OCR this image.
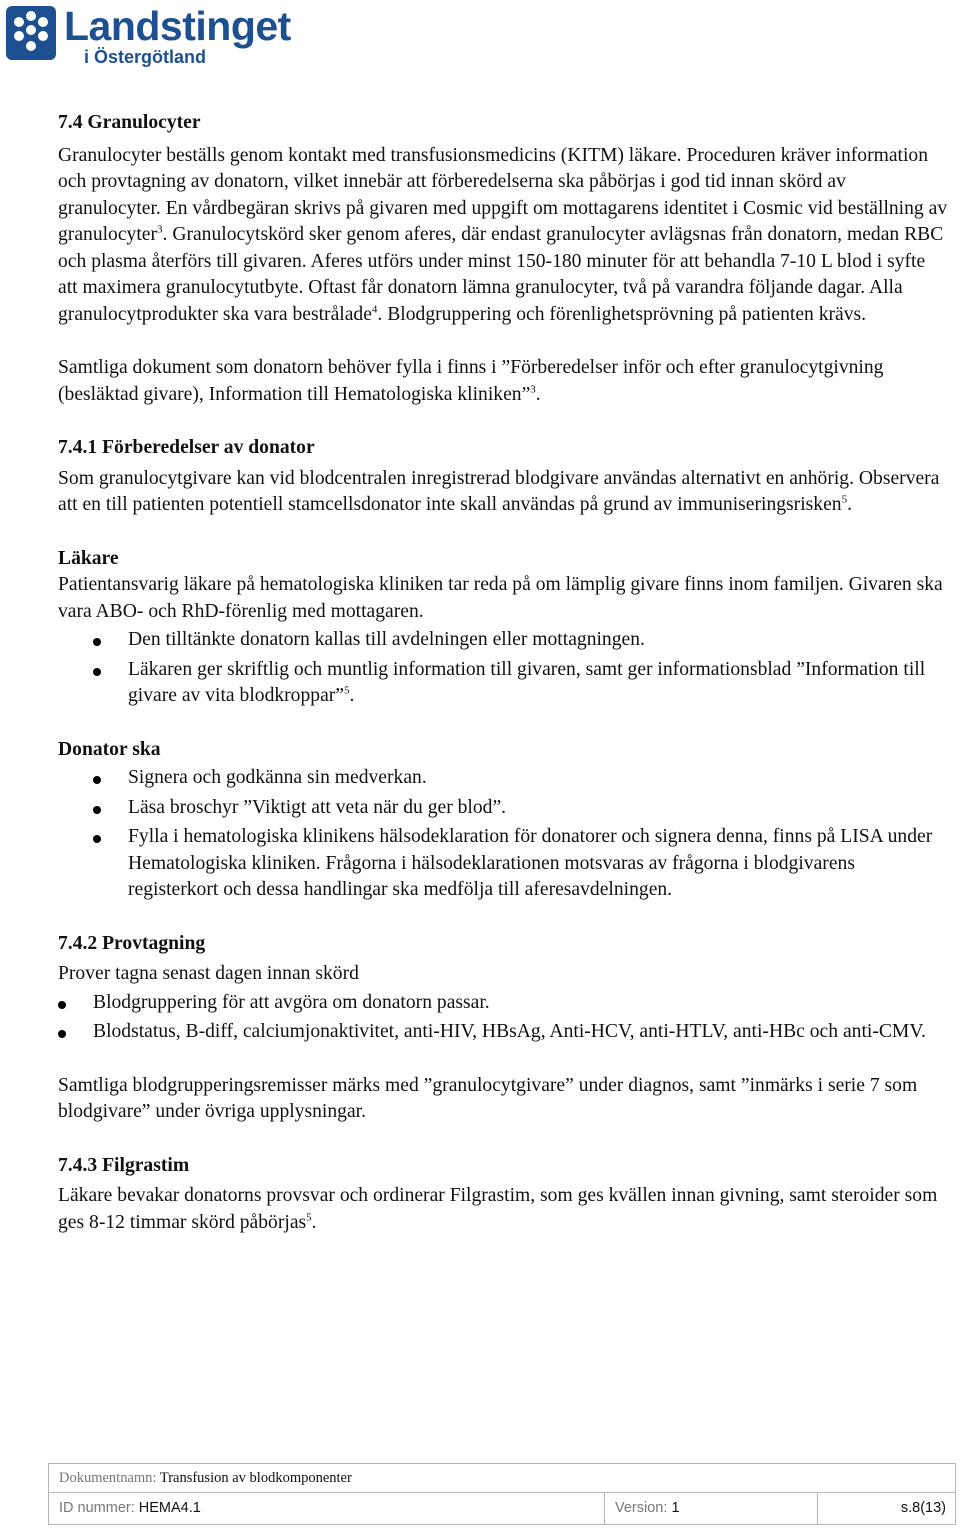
Landstinget
i Östergötland

7.4 Granulocyter

Granulocyter beställs genom kontakt med transfusionsmedicins (KITM) läkare. Proceduren kräver information och provtagning av donatorn, vilket innebär att förberedelserna ska påbörjas i god tid innan skörd av granulocyter. En vårdbegäran skrivs på givaren med uppgift om mottagarens identitet i Cosmic vid beställning av granulocyter$^3$. Granulocytskörd sker genom aferes, där endast granulocyter avlägsnas från donatorn, medan RBC och plasma återförs till givaren. Aferes utförs under minst 150-180 minuter för att behandla 7-10 L blod i syfte att maximera granulocytutbyte. Oftast får donatorn lämna granulocyter, två på varandra följande dagar. Alla granulocytprodukter ska vara bestrålade$^4$. Blodgruppering och förenlighetsprövning på patienten krävs.

Samtliga dokument som donatorn behöver fylla i finns i ”Förberedelser inför och efter granulocytgivning (besläktad givare), Information till Hematologiska kliniken”$^3$.

7.4.1 Förberedelser av donator

Som granulocytgivare kan vid blodcentralen inregistrerad blodgivare användas alternativt en anhörig. Observera att en till patienten potentiell stamcellsdonator inte skall användas på grund av immuniseringsrisken$^5$.

Läkare

Patientansvarig läkare på hematologiska kliniken tar reda på om lämplig givare finns inom familjen. Givaren ska vara ABO- och RhD-förenlig med mottagaren.

Den tilltänkte donatorn kallas till avdelningen eller mottagningen.
Läkaren ger skriftlig och muntlig information till givaren, samt ger informationsblad ”Information till givare av vita blodkroppar”$^5$.

Donator ska

Signera och godkänna sin medverkan.
Läsa broschyr ”Viktigt att veta när du ger blod”.
Fylla i hematologiska klinikens hälsodeklaration för donatorer och signera denna, finns på LISA under Hematologiska kliniken. Frågorna i hälsodeklarationen motsvaras av frågorna i blodgivarens registerkort och dessa handlingar ska medfölja till aferesavdelningen.

7.4.2 Provtagning

Prover tagna senast dagen innan skörd

Blodgruppering för att avgöra om donatorn passar.
Blodstatus, B-diff, calciumjonaktivitet, anti-HIV, HBsAg, Anti-HCV, anti-HTLV, anti-HBc och anti-CMV.

Samtliga blodgrupperingsremisser märks med ”granulocytgivare” under diagnos, samt ”inmärks i serie 7 som blodgivare” under övriga upplysningar.

7.4.3 Filgrastim

Läkare bevakar donatorns provsvar och ordinerar Filgrastim, som ges kvällen innan givning, samt steroider som ges 8-12 timmar skörd påbörjas$^5$.

Dokumentnamn: Transfusion av blodkomponenter
ID nummer: HEMA4.1	Version: 1	s.8(13)
